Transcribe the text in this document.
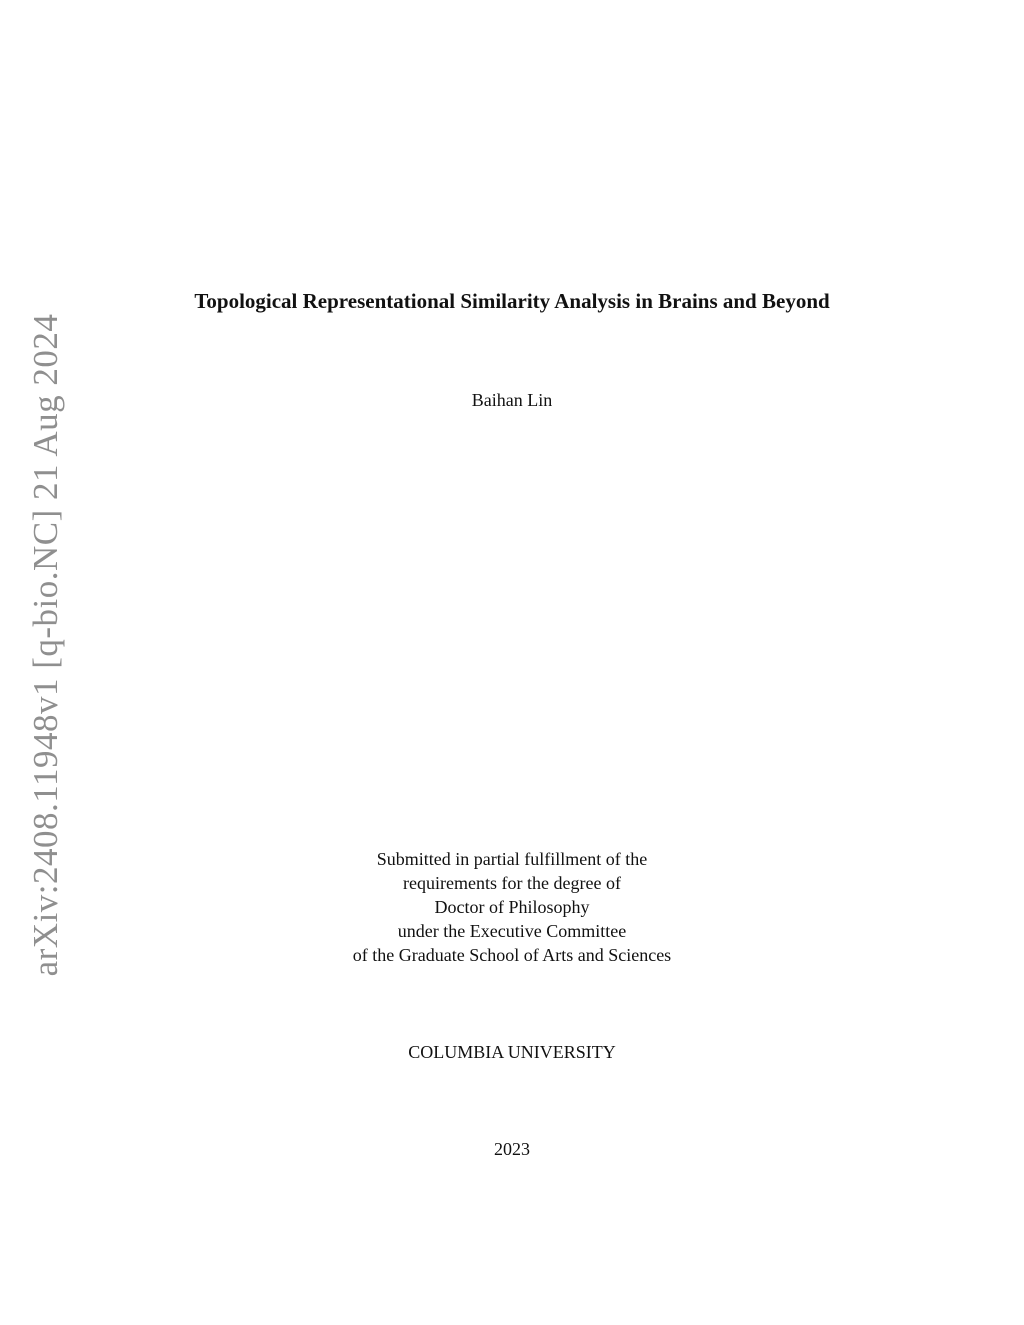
arXiv:2408.11948v1 [q-bio.NC] 21 Aug 2024
Topological Representational Similarity Analysis in Brains and Beyond
Baihan Lin
Submitted in partial fulfillment of the
requirements for the degree of
Doctor of Philosophy
under the Executive Committee
of the Graduate School of Arts and Sciences
COLUMBIA UNIVERSITY
2023
